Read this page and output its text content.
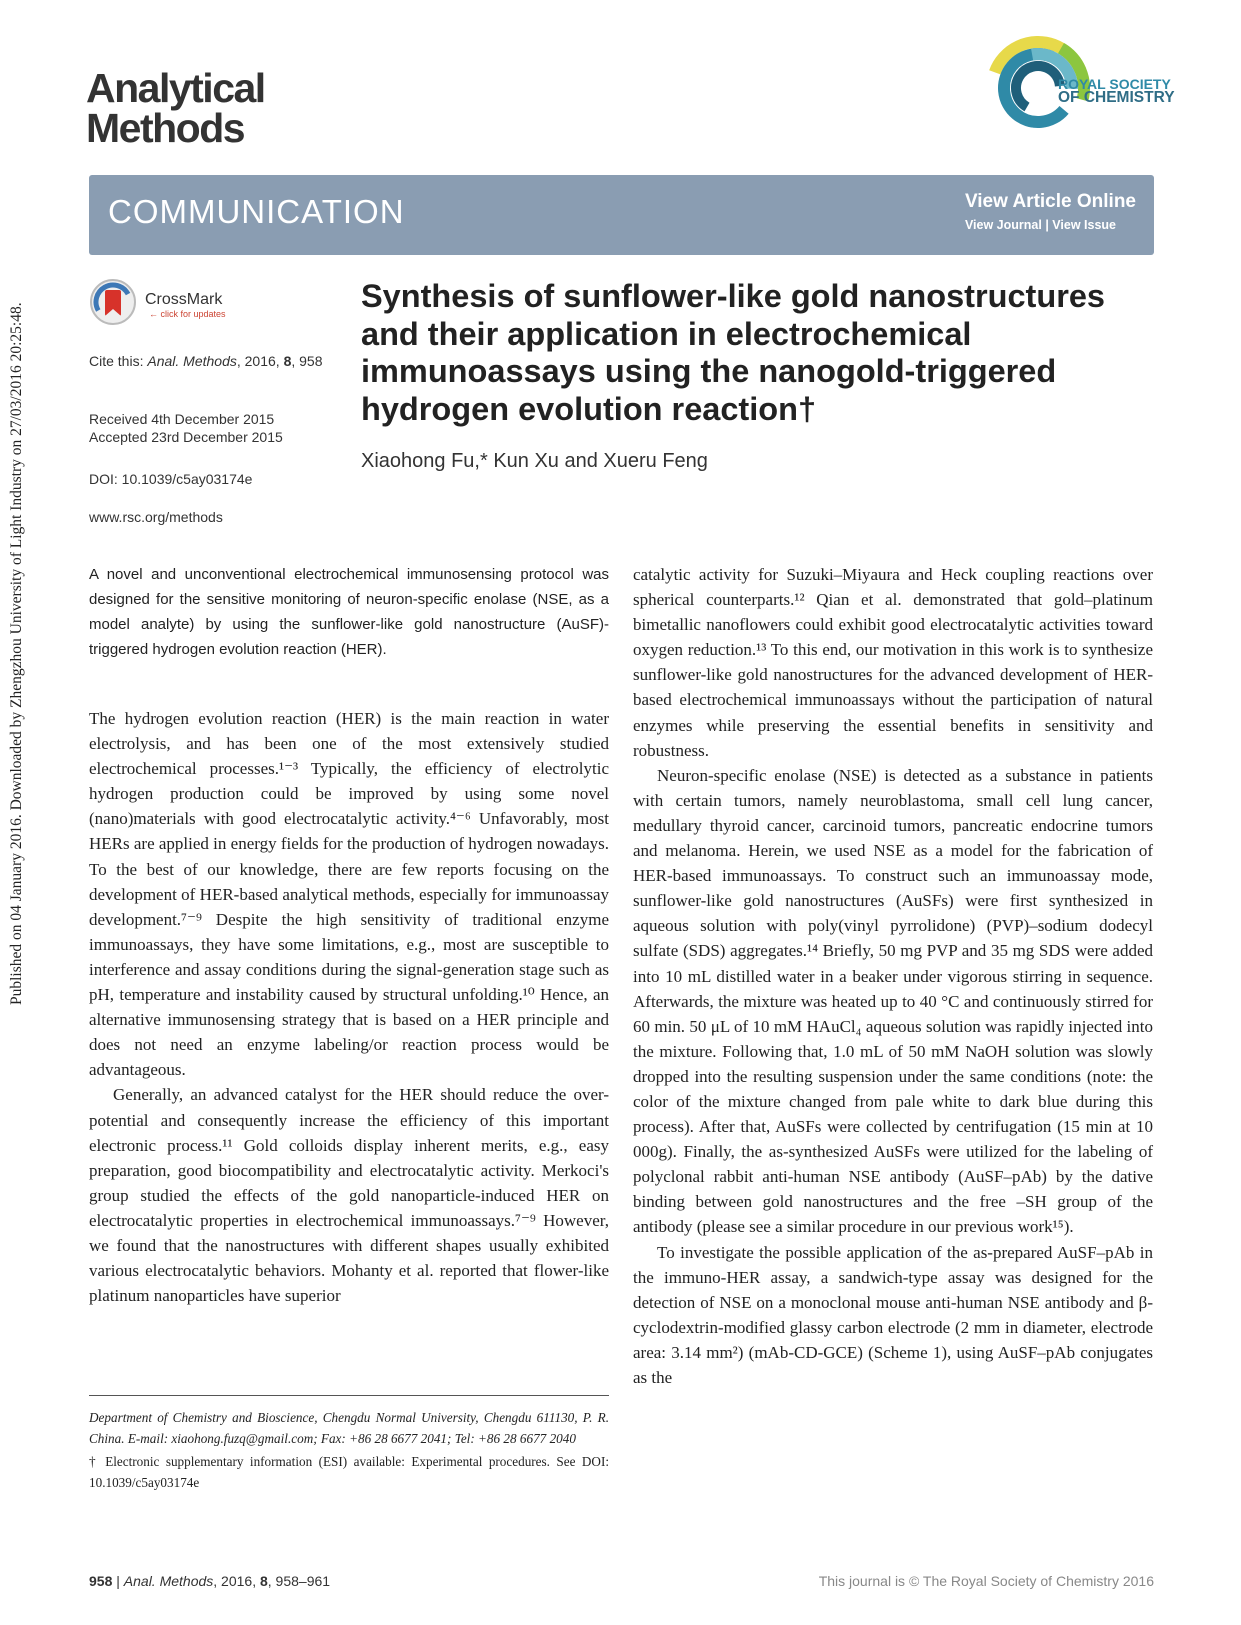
Published on 04 January 2016. Downloaded by Zhengzhou University of Light Industry on 27/03/2016 20:25:48.
Analytical
Methods
ROYAL SOCIETY
OF CHEMISTRY
COMMUNICATION	View Article Online
View Journal | View Issue
CrossMark
← click for updates
Cite this: Anal. Methods, 2016, 8, 958
Received 4th December 2015
Accepted 23rd December 2015
DOI: 10.1039/c5ay03174e
www.rsc.org/methods
Synthesis of sunflower-like gold nanostructures and their application in electrochemical immunoassays using the nanogold-triggered hydrogen evolution reaction†
Xiaohong Fu,* Kun Xu and Xueru Feng

A novel and unconventional electrochemical immunosensing protocol was designed for the sensitive monitoring of neuron-specific enolase (NSE, as a model analyte) by using the sunflower-like gold nanostructure (AuSF)-triggered hydrogen evolution reaction (HER).

The hydrogen evolution reaction (HER) is the main reaction in water electrolysis, and has been one of the most extensively studied electrochemical processes.¹⁻³ Typically, the efficiency of electrolytic hydrogen production could be improved by using some novel (nano)materials with good electrocatalytic activity.⁴⁻⁶ Unfavorably, most HERs are applied in energy fields for the production of hydrogen nowadays. To the best of our knowledge, there are few reports focusing on the development of HER-based analytical methods, especially for immunoassay development.⁷⁻⁹ Despite the high sensitivity of traditional enzyme immunoassays, they have some limitations, e.g., most are susceptible to interference and assay conditions during the signal-generation stage such as pH, temperature and instability caused by structural unfolding.¹⁰ Hence, an alternative immunosensing strategy that is based on a HER principle and does not need an enzyme labeling/or reaction process would be advantageous.

Generally, an advanced catalyst for the HER should reduce the over-potential and consequently increase the efficiency of this important electronic process.¹¹ Gold colloids display inherent merits, e.g., easy preparation, good biocompatibility and electrocatalytic activity. Merkoci's group studied the effects of the gold nanoparticle-induced HER on electrocatalytic properties in electrochemical immunoassays.⁷⁻⁹ However, we found that the nanostructures with different shapes usually exhibited various electrocatalytic behaviors. Mohanty et al. reported that flower-like platinum nanoparticles have superior

catalytic activity for Suzuki–Miyaura and Heck coupling reactions over spherical counterparts.¹² Qian et al. demonstrated that gold–platinum bimetallic nanoflowers could exhibit good electrocatalytic activities toward oxygen reduction.¹³ To this end, our motivation in this work is to synthesize sunflower-like gold nanostructures for the advanced development of HER-based electrochemical immunoassays without the participation of natural enzymes while preserving the essential benefits in sensitivity and robustness.

Neuron-specific enolase (NSE) is detected as a substance in patients with certain tumors, namely neuroblastoma, small cell lung cancer, medullary thyroid cancer, carcinoid tumors, pancreatic endocrine tumors and melanoma. Herein, we used NSE as a model for the fabrication of HER-based immunoassays. To construct such an immunoassay mode, sunflower-like gold nanostructures (AuSFs) were first synthesized in aqueous solution with poly(vinyl pyrrolidone) (PVP)–sodium dodecyl sulfate (SDS) aggregates.¹⁴ Briefly, 50 mg PVP and 35 mg SDS were added into 10 mL distilled water in a beaker under vigorous stirring in sequence. Afterwards, the mixture was heated up to 40 °C and continuously stirred for 60 min. 50 μL of 10 mM HAuCl₄ aqueous solution was rapidly injected into the mixture. Following that, 1.0 mL of 50 mM NaOH solution was slowly dropped into the resulting suspension under the same conditions (note: the color of the mixture changed from pale white to dark blue during this process). After that, AuSFs were collected by centrifugation (15 min at 10 000g). Finally, the as-synthesized AuSFs were utilized for the labeling of polyclonal rabbit anti-human NSE antibody (AuSF–pAb) by the dative binding between gold nanostructures and the free –SH group of the antibody (please see a similar procedure in our previous work¹⁵).

To investigate the possible application of the as-prepared AuSF–pAb in the immuno-HER assay, a sandwich-type assay was designed for the detection of NSE on a monoclonal mouse anti-human NSE antibody and β-cyclodextrin-modified glassy carbon electrode (2 mm in diameter, electrode area: 3.14 mm²) (mAb-CD-GCE) (Scheme 1), using AuSF–pAb conjugates as the

Department of Chemistry and Bioscience, Chengdu Normal University, Chengdu 611130, P. R. China. E-mail: xiaohong.fuzq@gmail.com; Fax: +86 28 6677 2041; Tel: +86 28 6677 2040

† Electronic supplementary information (ESI) available: Experimental procedures. See DOI: 10.1039/c5ay03174e

958 | Anal. Methods, 2016, 8, 958–961	This journal is © The Royal Society of Chemistry 2016
